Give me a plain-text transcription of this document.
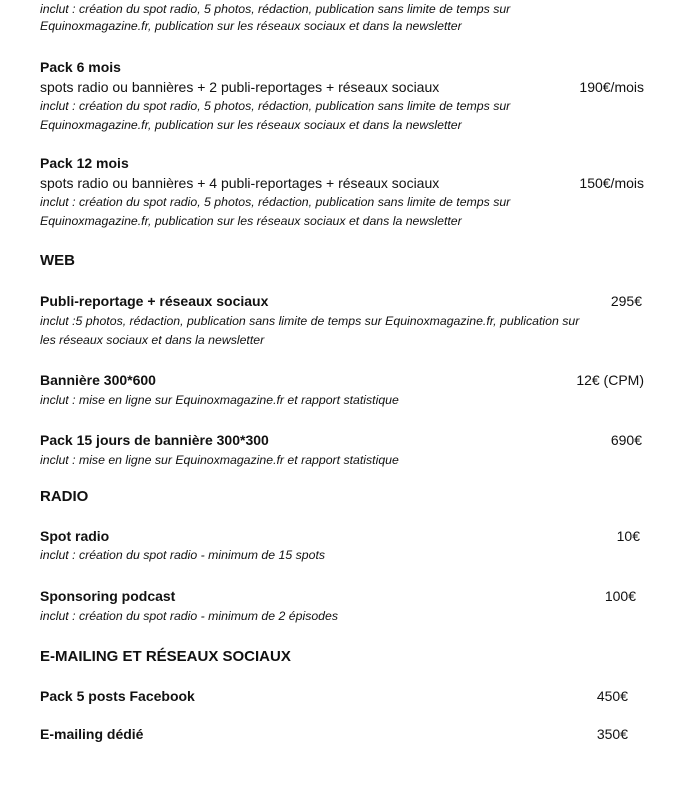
inclut : création du spot radio, 5 photos, rédaction, publication sans limite de temps sur
Equinoxmagazine.fr, publication sur les réseaux sociaux et dans la newsletter
Pack 6 mois
spots radio ou bannières + 2 publi-reportages + réseaux sociaux	190€/mois
inclut : création du spot radio, 5 photos, rédaction, publication sans limite de temps sur
Equinoxmagazine.fr, publication sur les réseaux sociaux et dans la newsletter
Pack 12 mois
spots radio ou bannières + 4 publi-reportages + réseaux sociaux	150€/mois
inclut : création du spot radio, 5 photos, rédaction, publication sans limite de temps sur
Equinoxmagazine.fr, publication sur les réseaux sociaux et dans la newsletter
WEB
Publi-reportage + réseaux sociaux	295€
inclut :5 photos, rédaction, publication sans limite de temps sur Equinoxmagazine.fr, publication sur
les réseaux sociaux et dans la newsletter
Bannière 300*600	12€ (CPM)
inclut : mise en ligne sur Equinoxmagazine.fr et rapport statistique
Pack 15 jours de bannière 300*300	690€
inclut : mise en ligne sur Equinoxmagazine.fr et rapport statistique
RADIO
Spot radio	10€
inclut : création du spot radio - minimum de 15 spots
Sponsoring podcast	100€
inclut : création du spot radio - minimum de 2 épisodes
E-MAILING ET RÉSEAUX SOCIAUX
Pack 5 posts Facebook	450€
E-mailing dédié	350€
